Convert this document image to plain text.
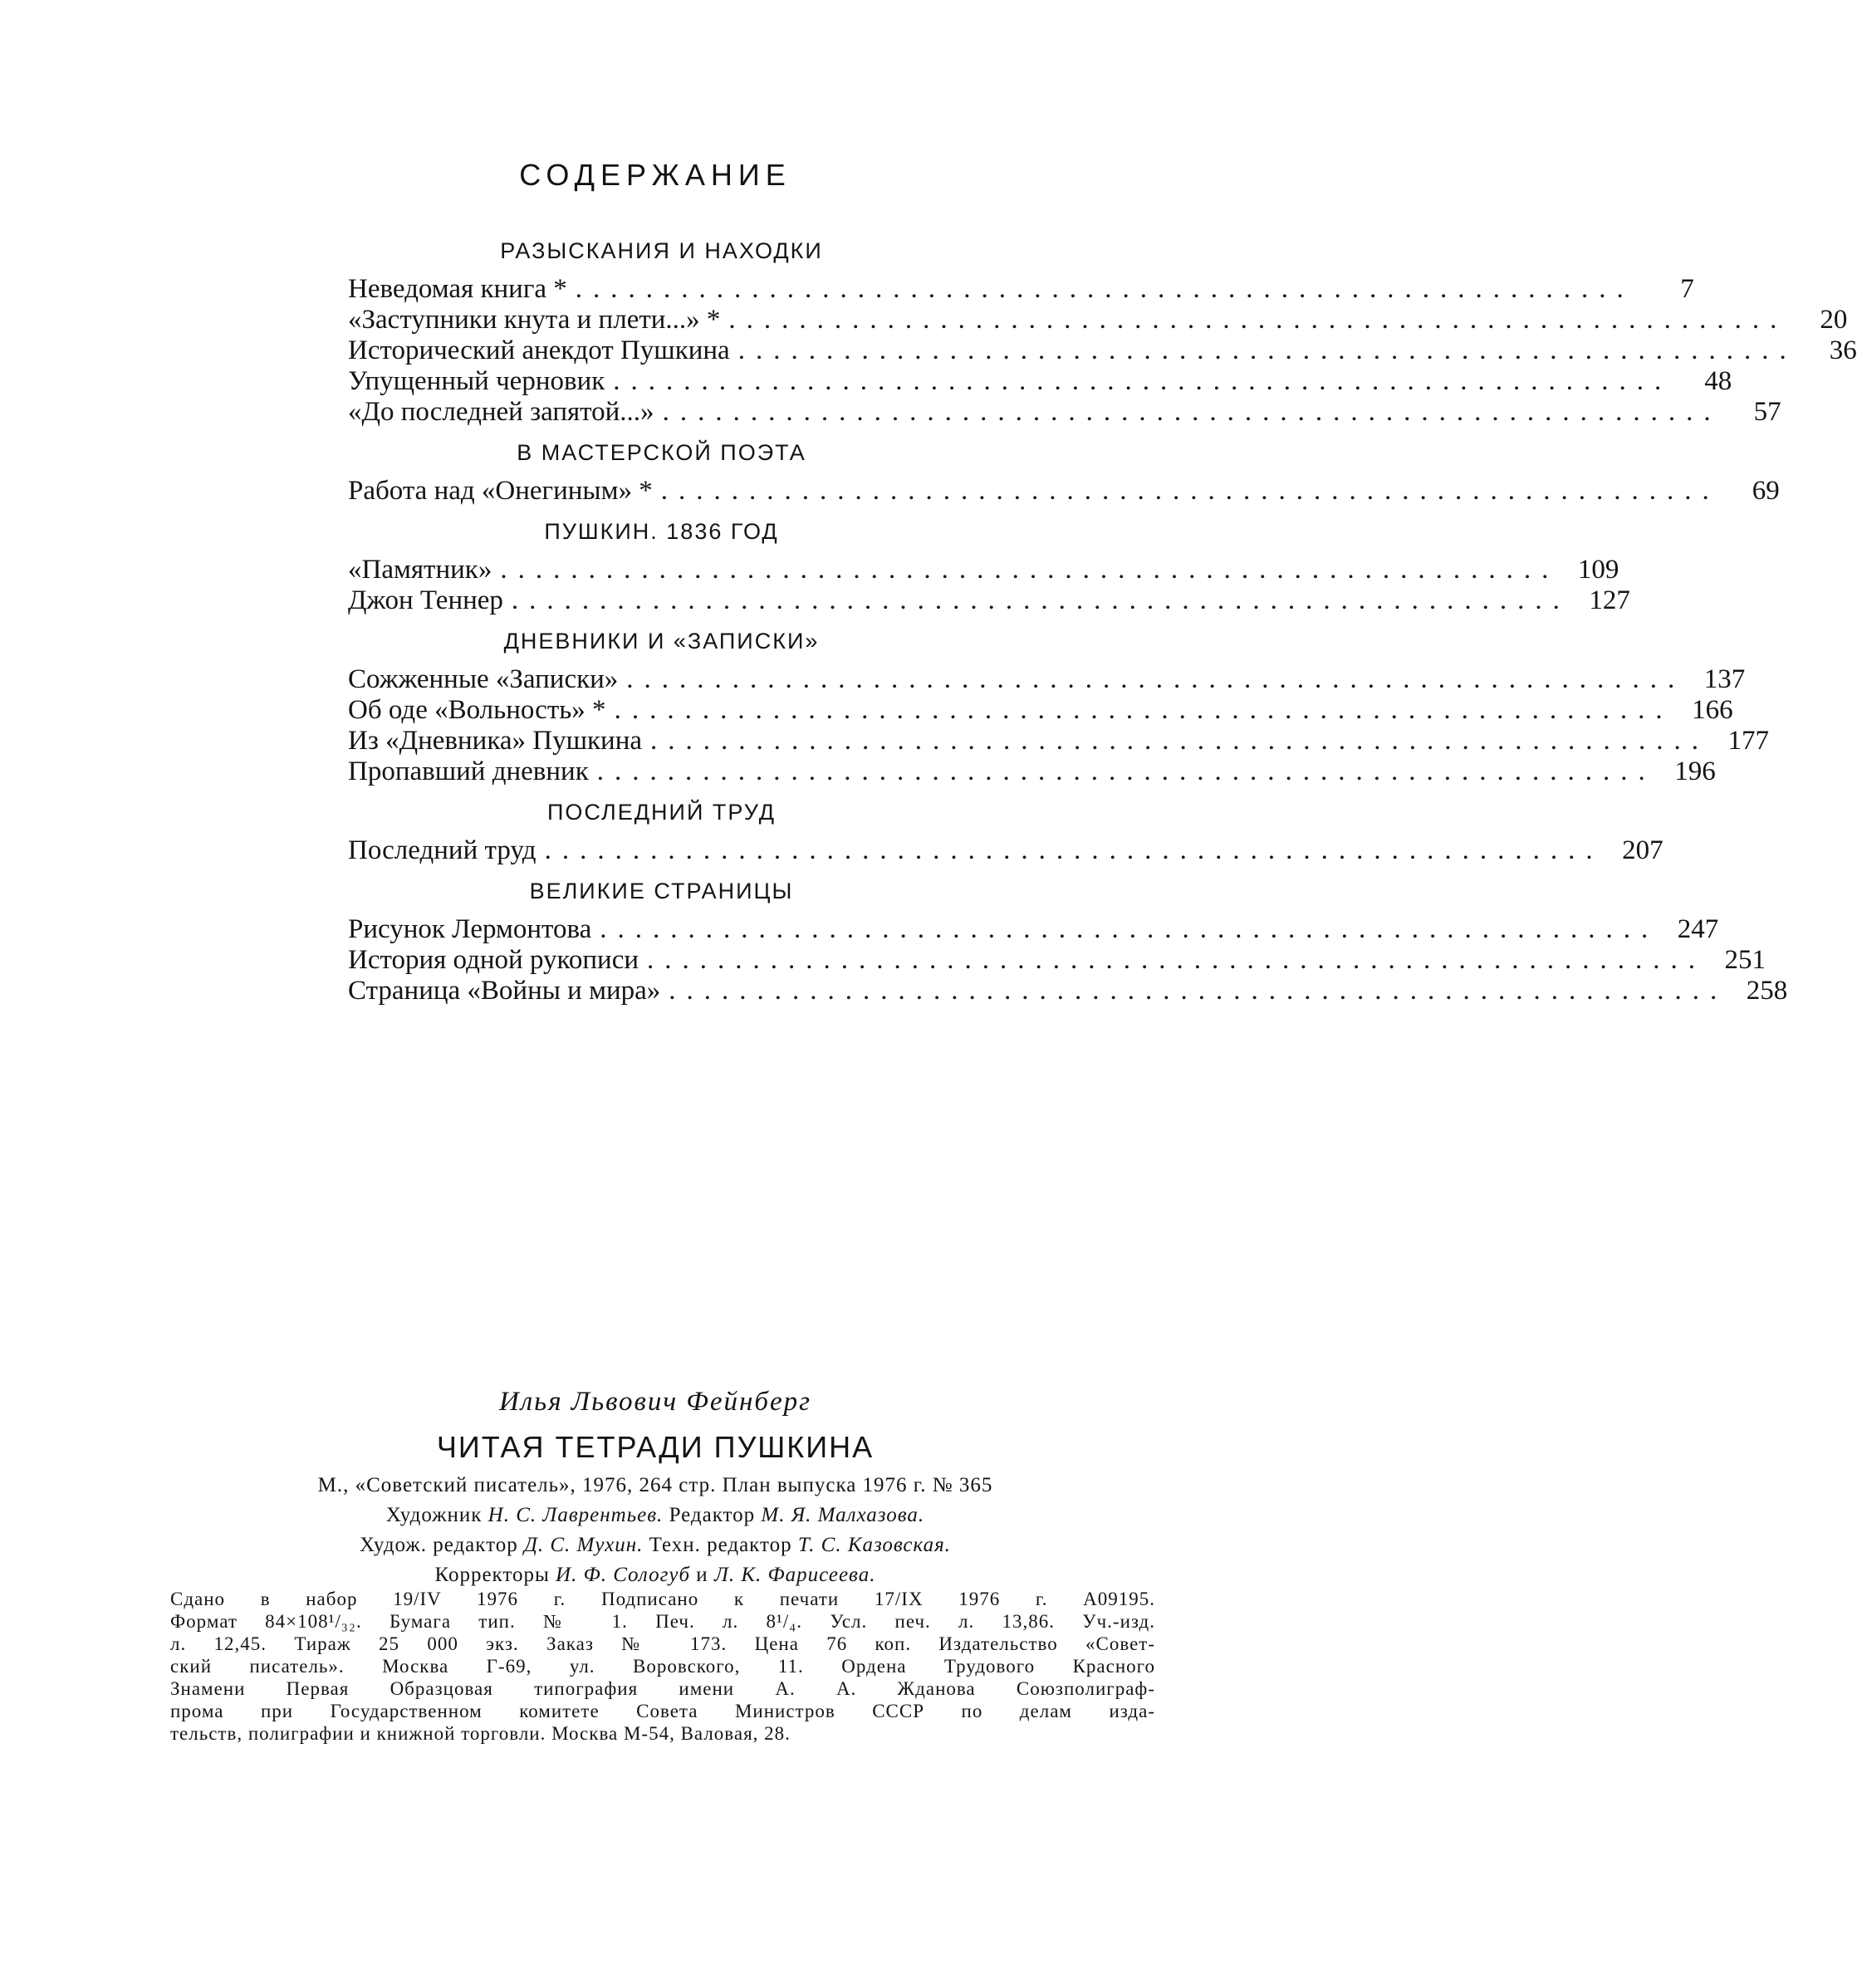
СОДЕРЖАНИЕ
РАЗЫСКАНИЯ И НАХОДКИ
Неведомая книга * ............................................................	7
«Заступники кнута и плети...» * ............................................................	20
Исторический анекдот Пушкина ............................................................	36
Упущенный черновик ............................................................	48
«До последней запятой...» ............................................................	57
В МАСТЕРСКОЙ ПОЭТА
Работа над «Онегиным» * ............................................................	69
ПУШКИН. 1836 ГОД
«Памятник» ............................................................ 109
Джон Теннер ............................................................ 127
ДНЕВНИКИ И «ЗАПИСКИ»
Сожженные «Записки» ............................................................ 137
Об оде «Вольность» * ............................................................ 166
Из «Дневника» Пушкина ............................................................ 177
Пропавший дневник ............................................................ 196
ПОСЛЕДНИЙ ТРУД
Последний труд ............................................................ 207
ВЕЛИКИЕ СТРАНИЦЫ
Рисунок Лермонтова ............................................................ 247
История одной рукописи ............................................................ 251
Страница «Войны и мира» ............................................................ 258
Илья Львович Фейнберг
ЧИТАЯ ТЕТРАДИ ПУШКИНА
М., «Советский писатель», 1976, 264 стр. План выпуска 1976 г. № 365
Художник Н. С. Лаврентьев. Редактор М. Я. Малхазова.
Худож. редактор Д. С. Мухин. Техн. редактор Т. С. Казовская.
Корректоры И. Ф. Сологуб и Л. К. Фарисеева.
Сдано в набор 19/IV 1976 г. Подписано к печати 17/IX 1976 г. А09195.
Формат 84×108¹/₃₂. Бумага тип. № 1. Печ. л. 8¹/₄. Усл. печ. л. 13,86. Уч.-изд.
л. 12,45. Тираж 25 000 экз. Заказ № 173. Цена 76 коп. Издательство «Совет-
ский писатель». Москва Г-69, ул. Воровского, 11. Ордена Трудового Красного
Знамени Первая Образцовая типография имени А. А. Жданова Союзполиграф-
прома при Государственном комитете Совета Министров СССР по делам изда-
тельств, полиграфии и книжной торговли. Москва М-54, Валовая, 28.
